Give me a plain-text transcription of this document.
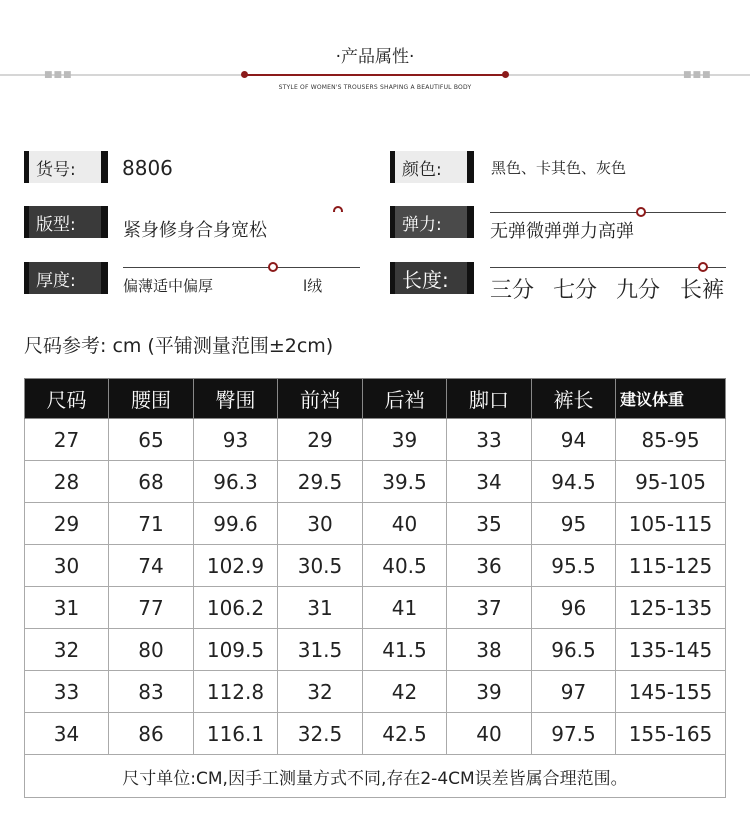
·产品属性·
■■■	■■■
STYLE OF WOMEN'S TROUSERS SHAPING A BEAUTIFUL BODY
货号: 8806	颜色:	黑色、卡其色、灰色
版型:	紧身修身合身宽松	弹力:	无弹微弹弹力高弹
厚度:	偏薄适中偏厚	l绒	长度: 三分 七分 九分 长裤
尺码参考: cm (平铺测量范围±2cm)
尺码	腰围	臀围	前裆	后裆	脚口	裤长	建议体重
27	65	93	29	39	33	94	85-95
28	68	96.3	29.5	39.5	34	94.5	95-105
29	71	99.6	30	40	35	95	105-115
30	74	102.9	30.5	40.5	36	95.5	115-125
31	77	106.2	31	41	37	96	125-135
32	80	109.5	31.5	41.5	38	96.5	135-145
33	83	112.8	32	42	39	97	145-155
34	86	116.1	32.5	42.5	40	97.5	155-165
尺寸单位:CM,因手工测量方式不同,存在2-4CM误差皆属合理范围。							
